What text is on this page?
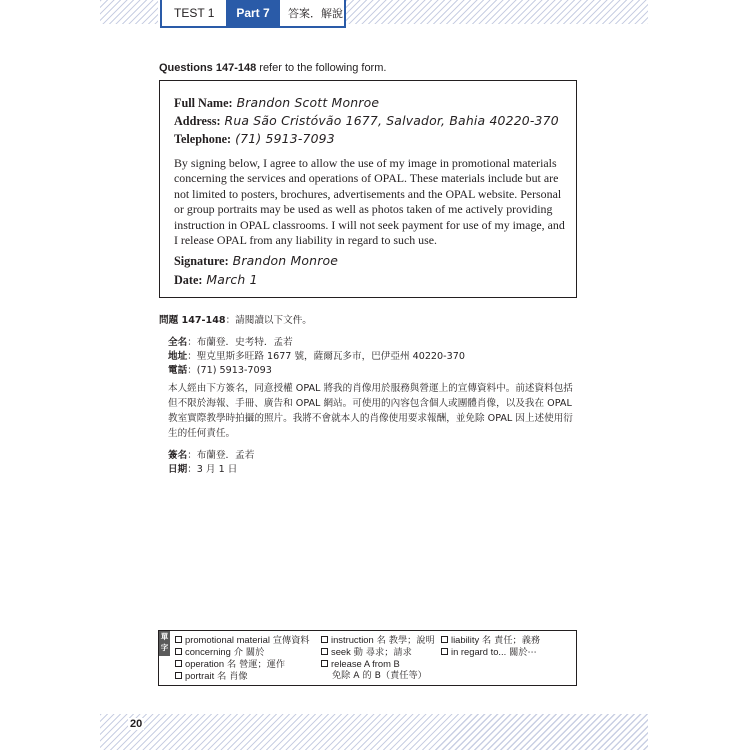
TEST 1	Part 7	答案．解說
Questions 147-148 refer to the following form.
Full Name: Brandon Scott Monroe
Address: Rua São Cristóvão 1677, Salvador, Bahia 40220-370
Telephone: (71) 5913-7093

By signing below, I agree to allow the use of my image in promotional materials concerning the services and operations of OPAL. These materials include but are not limited to posters, brochures, advertisements and the OPAL website. Personal or group portraits may be used as well as photos taken of me actively providing instruction in OPAL classrooms. I will not seek payment for use of my image, and I release OPAL from any liability in regard to such use.

Signature: Brandon Monroe
Date: March 1
問題 147-148：請閱讀以下文件。
全名：布蘭登．史考特．孟若
地址：聖克里斯多旺路 1677 號，薩爾瓦多市，巴伊亞州 40220-370
電話：(71) 5913-7093

本人經由下方簽名，同意授權 OPAL 將我的肖像用於服務與營運上的宣傳資料中。前述資料包括但不限於海報、手冊、廣告和 OPAL 網站。可使用的內容包含個人或團體肖像，以及我在 OPAL 教室實際教學時拍攝的照片。我將不會就本人的肖像使用要求報酬，並免除 OPAL 因上述使用衍生的任何責任。

簽名：布蘭登．孟若
日期：3 月 1 日
單字
promotional material 宣傳資料
concerning 介 關於
operation 名 營運；運作
portrait 名 肖像
instruction 名 教學；說明
seek 動 尋求；請求
release A from B
免除 A 的 B（責任等）
liability 名 責任；義務
in regard to... 關於⋯
20
